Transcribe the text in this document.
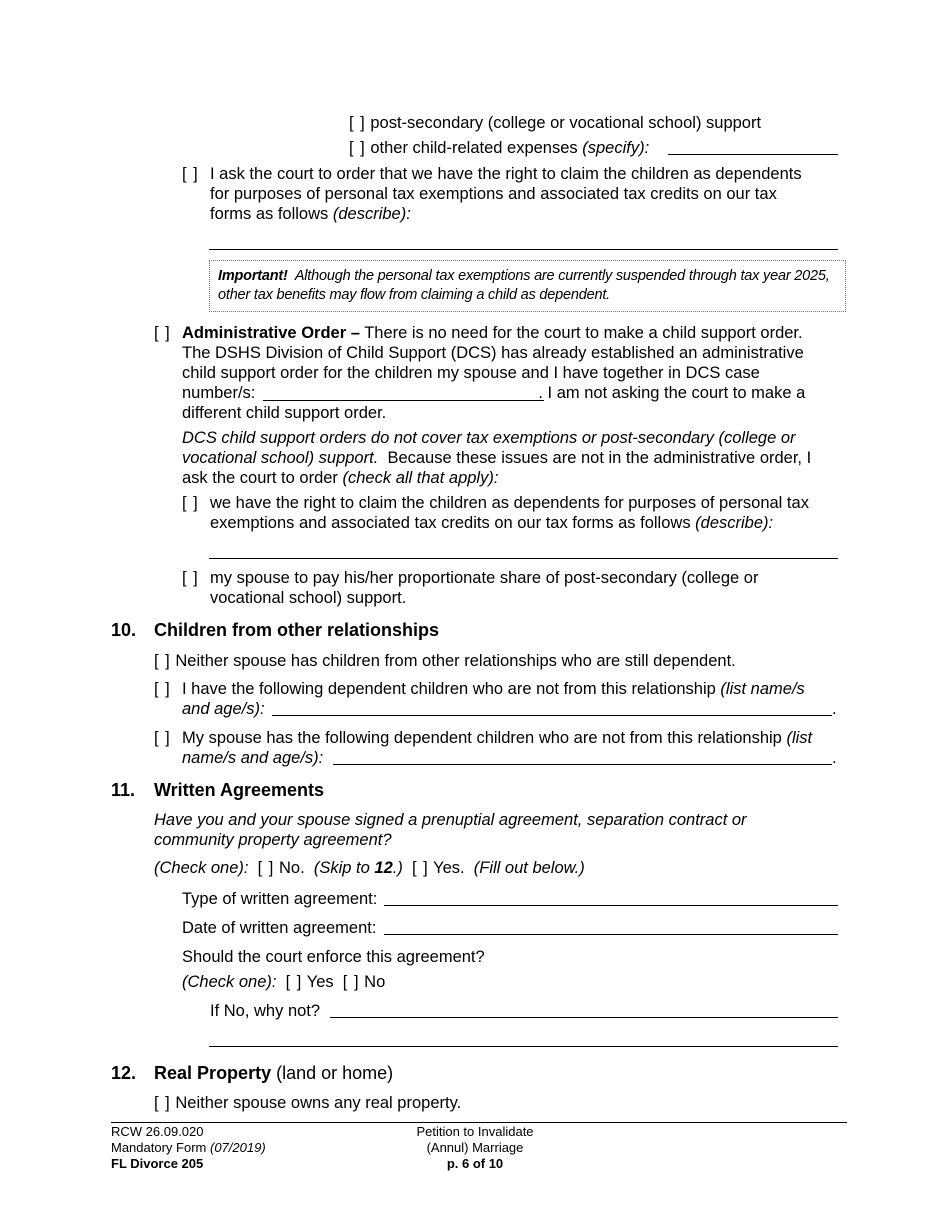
[ ] post-secondary (college or vocational school) support
[ ] other child-related expenses (specify):
[ ] I ask the court to order that we have the right to claim the children as dependents
for purposes of personal tax exemptions and associated tax credits on our tax
forms as follows (describe):
Important! Although the personal tax exemptions are currently suspended through tax year 2025,
other tax benefits may flow from claiming a child as dependent.
[ ] Administrative Order – There is no need for the court to make a child support order.
The DSHS Division of Child Support (DCS) has already established an administrative
child support order for the children my spouse and I have together in DCS case
number/s:	. I am not asking the court to make a
different child support order.
DCS child support orders do not cover tax exemptions or post-secondary (college or
vocational school) support. Because these issues are not in the administrative order, I
ask the court to order (check all that apply):
[ ] we have the right to claim the children as dependents for purposes of personal tax
exemptions and associated tax credits on our tax forms as follows (describe):
[ ] my spouse to pay his/her proportionate share of post-secondary (college or
vocational school) support.
10. Children from other relationships
[ ] Neither spouse has children from other relationships who are still dependent.
[ ] I have the following dependent children who are not from this relationship (list name/s
and age/s):	.
[ ] My spouse has the following dependent children who are not from this relationship (list
name/s and age/s):	.
11. Written Agreements
Have you and your spouse signed a prenuptial agreement, separation contract or
community property agreement?
(Check one): [ ] No. (Skip to 12.) [ ] Yes. (Fill out below.)
Type of written agreement:
Date of written agreement:
Should the court enforce this agreement?
(Check one): [ ] Yes [ ] No
If No, why not?
12. Real Property (land or home)
[ ] Neither spouse owns any real property.
RCW 26.09.020
Mandatory Form (07/2019)
FL Divorce 205
Petition to Invalidate
(Annul) Marriage
p. 6 of 10
